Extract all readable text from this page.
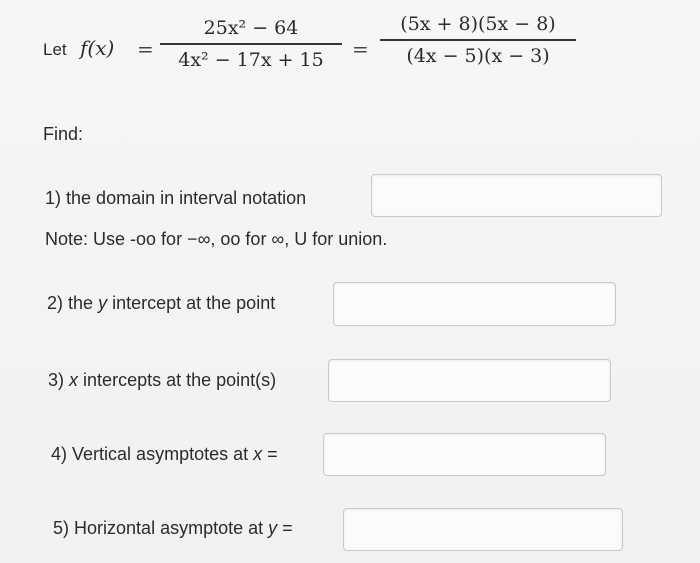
Let f(x) =
25x² − 64
4x² − 17x + 15	=
(5x + 8)(5x − 8)
(4x − 5)(x − 3)
Find:
1) the domain in interval notation
Note: Use -oo for −∞, oo for ∞, U for union.
2) the y intercept at the point
3) x intercepts at the point(s)
4) Vertical asymptotes at x =
5) Horizontal asymptote at y =
